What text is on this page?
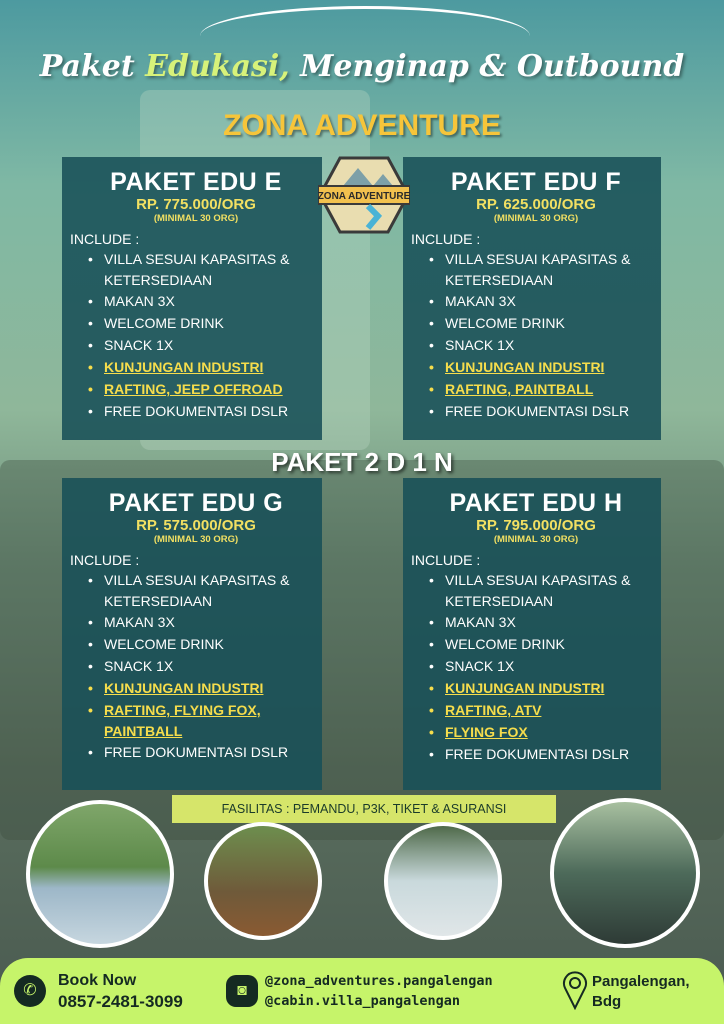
Paket Edukasi, Menginap & Outbound
ZONA ADVENTURE
PAKET EDU E
RP. 775.000/ORG
(MINIMAL 30 ORG)
INCLUDE :
• VILLA SESUAI KAPASITAS &
KETERSEDIAAN
• MAKAN 3X
• WELCOME DRINK
• SNACK 1X
• KUNJUNGAN INDUSTRI
• RAFTING, JEEP OFFROAD
• FREE DOKUMENTASI DSLR
PAKET EDU F
RP. 625.000/ORG
(MINIMAL 30 ORG)
INCLUDE :
• VILLA SESUAI KAPASITAS &
KETERSEDIAAN
• MAKAN 3X
• WELCOME DRINK
• SNACK 1X
• KUNJUNGAN INDUSTRI
• RAFTING, PAINTBALL
• FREE DOKUMENTASI DSLR
PAKET EDU G
RP. 575.000/ORG
(MINIMAL 30 ORG)
INCLUDE :
• VILLA SESUAI KAPASITAS &
KETERSEDIAAN
• MAKAN 3X
• WELCOME DRINK
• SNACK 1X
• KUNJUNGAN INDUSTRI
• RAFTING, FLYING FOX,
PAINTBALL
• FREE DOKUMENTASI DSLR
PAKET EDU H
RP. 795.000/ORG
(MINIMAL 30 ORG)
INCLUDE :
• VILLA SESUAI KAPASITAS &
KETERSEDIAAN
• MAKAN 3X
• WELCOME DRINK
• SNACK 1X
• KUNJUNGAN INDUSTRI
• RAFTING, ATV
• FLYING FOX
• FREE DOKUMENTASI DSLR
ZONA ADVENTURE
PAKET 2 D 1 N
FASILITAS : PEMANDU, P3K, TIKET & ASURANSI
✆
Book Now
0857-2481-3099
◙
@zona_adventures.pangalengan
@cabin.villa_pangalengan
Pangalengan,
Bdg
